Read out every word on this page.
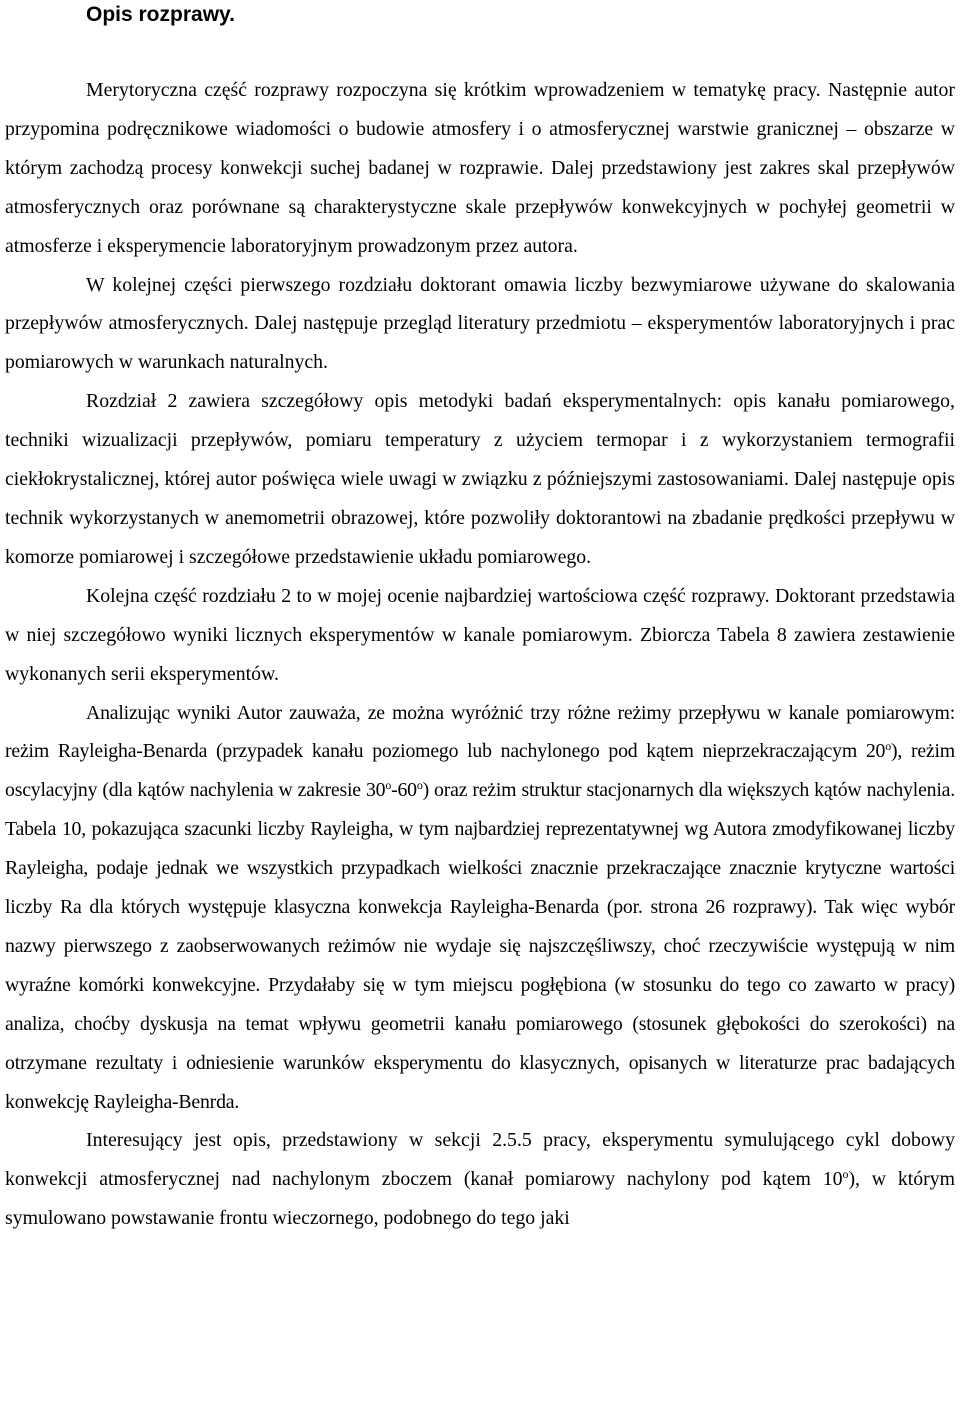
Opis rozprawy.

Merytoryczna część rozprawy rozpoczyna się krótkim wprowadzeniem w tematykę pracy. Następnie autor przypomina podręcznikowe wiadomości o budowie atmosfery i o atmosferycznej warstwie granicznej – obszarze w którym zachodzą procesy konwekcji suchej badanej w rozprawie. Dalej przedstawiony jest zakres skal przepływów atmosferycznych oraz porównane są charakterystyczne skale przepływów konwekcyjnych w pochyłej geometrii w atmosferze i eksperymencie laboratoryjnym prowadzonym przez autora.

W kolejnej części pierwszego rozdziału doktorant omawia liczby bezwymiarowe używane do skalowania przepływów atmosferycznych. Dalej następuje przegląd literatury przedmiotu – eksperymentów laboratoryjnych i prac pomiarowych w warunkach naturalnych.

Rozdział 2 zawiera szczegółowy opis metodyki badań eksperymentalnych: opis kanału pomiarowego, techniki wizualizacji przepływów, pomiaru temperatury z użyciem termopar i z wykorzystaniem termografii ciekłokrystalicznej, której autor poświęca wiele uwagi w związku z późniejszymi zastosowaniami. Dalej następuje opis technik wykorzystanych w anemometrii obrazowej, które pozwoliły doktorantowi na zbadanie prędkości przepływu w komorze pomiarowej i szczegółowe przedstawienie układu pomiarowego.

Kolejna część rozdziału 2 to w mojej ocenie najbardziej wartościowa część rozprawy. Doktorant przedstawia w niej szczegółowo wyniki licznych eksperymentów w kanale pomiarowym. Zbiorcza Tabela 8 zawiera zestawienie wykonanych serii eksperymentów.

Analizując wyniki Autor zauważa, ze można wyróżnić trzy różne reżimy przepływu w kanale pomiarowym: reżim Rayleigha-Benarda (przypadek kanału poziomego lub nachylonego pod kątem nieprzekraczającym 20$^o$), reżim oscylacyjny (dla kątów nachylenia w zakresie 30$^o$-60$^o$) oraz reżim struktur stacjonarnych dla większych kątów nachylenia. Tabela 10, pokazująca szacunki liczby Rayleigha, w tym najbardziej reprezentatywnej wg Autora zmodyfikowanej liczby Rayleigha, podaje jednak we wszystkich przypadkach wielkości znacznie przekraczające znacznie krytyczne wartości liczby Ra dla których występuje klasyczna konwekcja Rayleigha-Benarda (por. strona 26 rozprawy). Tak więc wybór nazwy pierwszego z zaobserwowanych reżimów nie wydaje się najszczęśliwszy, choć rzeczywiście występują w nim wyraźne komórki konwekcyjne. Przydałaby się w tym miejscu pogłębiona (w stosunku do tego co zawarto w pracy) analiza, choćby dyskusja na temat wpływu geometrii kanału pomiarowego (stosunek głębokości do szerokości) na otrzymane rezultaty i odniesienie warunków eksperymentu do klasycznych, opisanych w literaturze prac badających konwekcję Rayleigha-Benrda.

Interesujący jest opis, przedstawiony w sekcji 2.5.5 pracy, eksperymentu symulującego cykl dobowy konwekcji atmosferycznej nad nachylonym zboczem (kanał pomiarowy nachylony pod kątem 10$^o$), w którym symulowano powstawanie frontu wieczornego, podobnego do tego jaki
